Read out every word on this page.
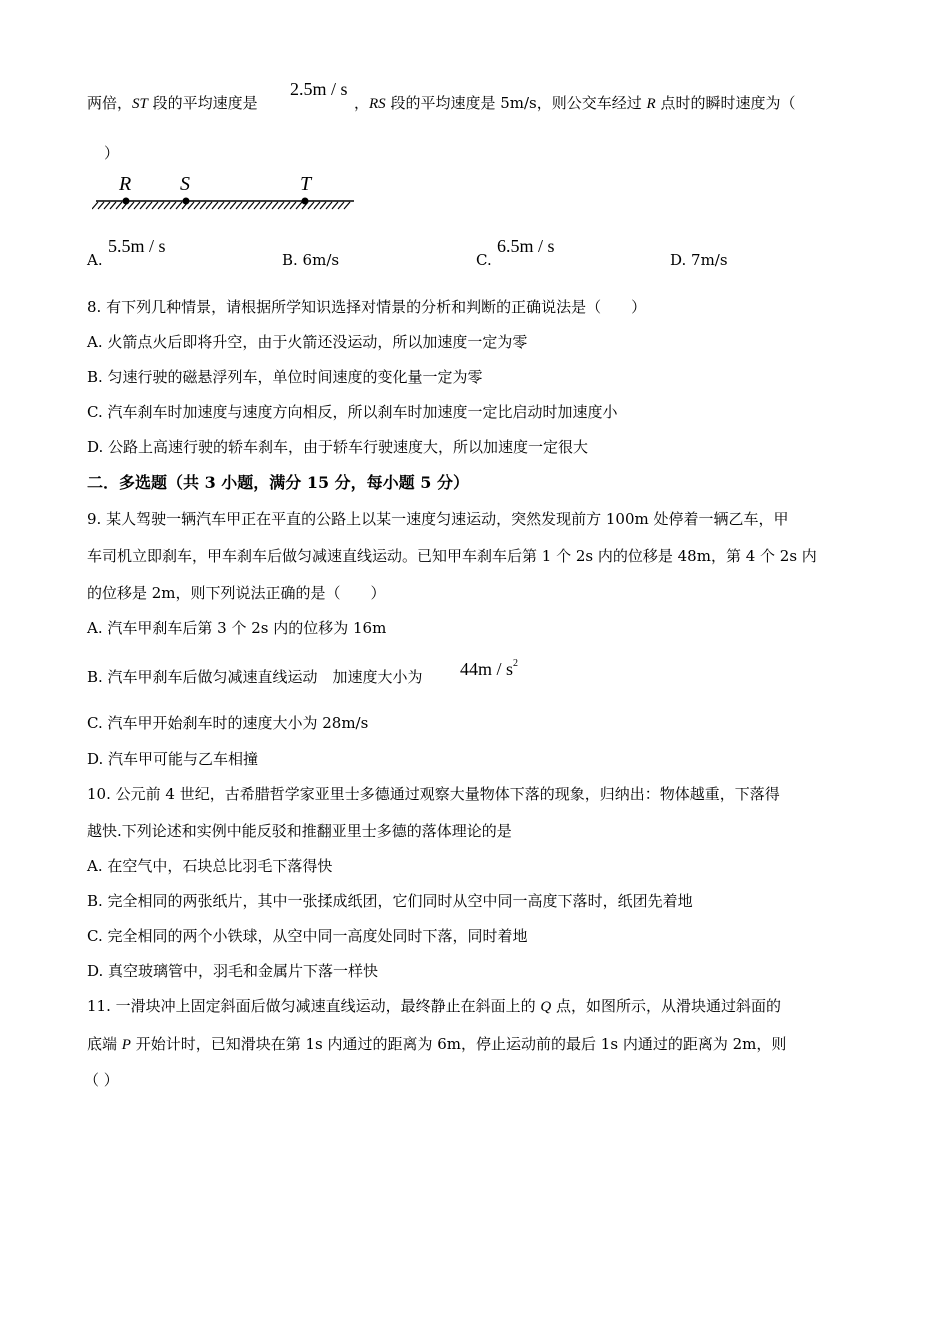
两倍，ST 段的平均速度是
2.5m / s
，RS 段的平均速度是 5m/s，则公交车经过 R 点时的瞬时速度为（
）
R S	T
A.
5.5m / s
B. 6m/s	C.
6.5m / s
D. 7m/s
8. 有下列几种情景，请根据所学知识选择对情景的分析和判断的正确说法是（　　）
A. 火箭点火后即将升空，由于火箭还没运动，所以加速度一定为零
B. 匀速行驶的磁悬浮列车，单位时间速度的变化量一定为零
C. 汽车刹车时加速度与速度方向相反，所以刹车时加速度一定比启动时加速度小
D. 公路上高速行驶的轿车刹车，由于轿车行驶速度大，所以加速度一定很大
二．多选题（共 3 小题，满分 15 分，每小题 5 分）
9. 某人驾驶一辆汽车甲正在平直的公路上以某一速度匀速运动，突然发现前方 100m 处停着一辆乙车，甲
车司机立即刹车，甲车刹车后做匀减速直线运动。已知甲车刹车后第 1 个 2s 内的位移是 48m，第 4 个 2s 内
的位移是 2m，则下列说法正确的是（　　）
A. 汽车甲刹车后第 3 个 2s 内的位移为 16m
B. 汽车甲刹车后做匀减速直线运动　加速度大小为 $44m / s^2$
C. 汽车甲开始刹车时的速度大小为 28m/s
D. 汽车甲可能与乙车相撞
10. 公元前 4 世纪，古希腊哲学家亚里士多德通过观察大量物体下落的现象，归纳出：物体越重，下落得
越快.下列论述和实例中能反驳和推翻亚里士多德的落体理论的是
A. 在空气中，石块总比羽毛下落得快
B. 完全相同的两张纸片，其中一张揉成纸团，它们同时从空中同一高度下落时，纸团先着地
C. 完全相同的两个小铁球，从空中同一高度处同时下落，同时着地
D. 真空玻璃管中，羽毛和金属片下落一样快
11. 一滑块冲上固定斜面后做匀减速直线运动，最终静止在斜面上的 Q 点，如图所示，从滑块通过斜面的
底端 P 开始计时，已知滑块在第 1s 内通过的距离为 6m，停止运动前的最后 1s 内通过的距离为 2m，则
（ ）
